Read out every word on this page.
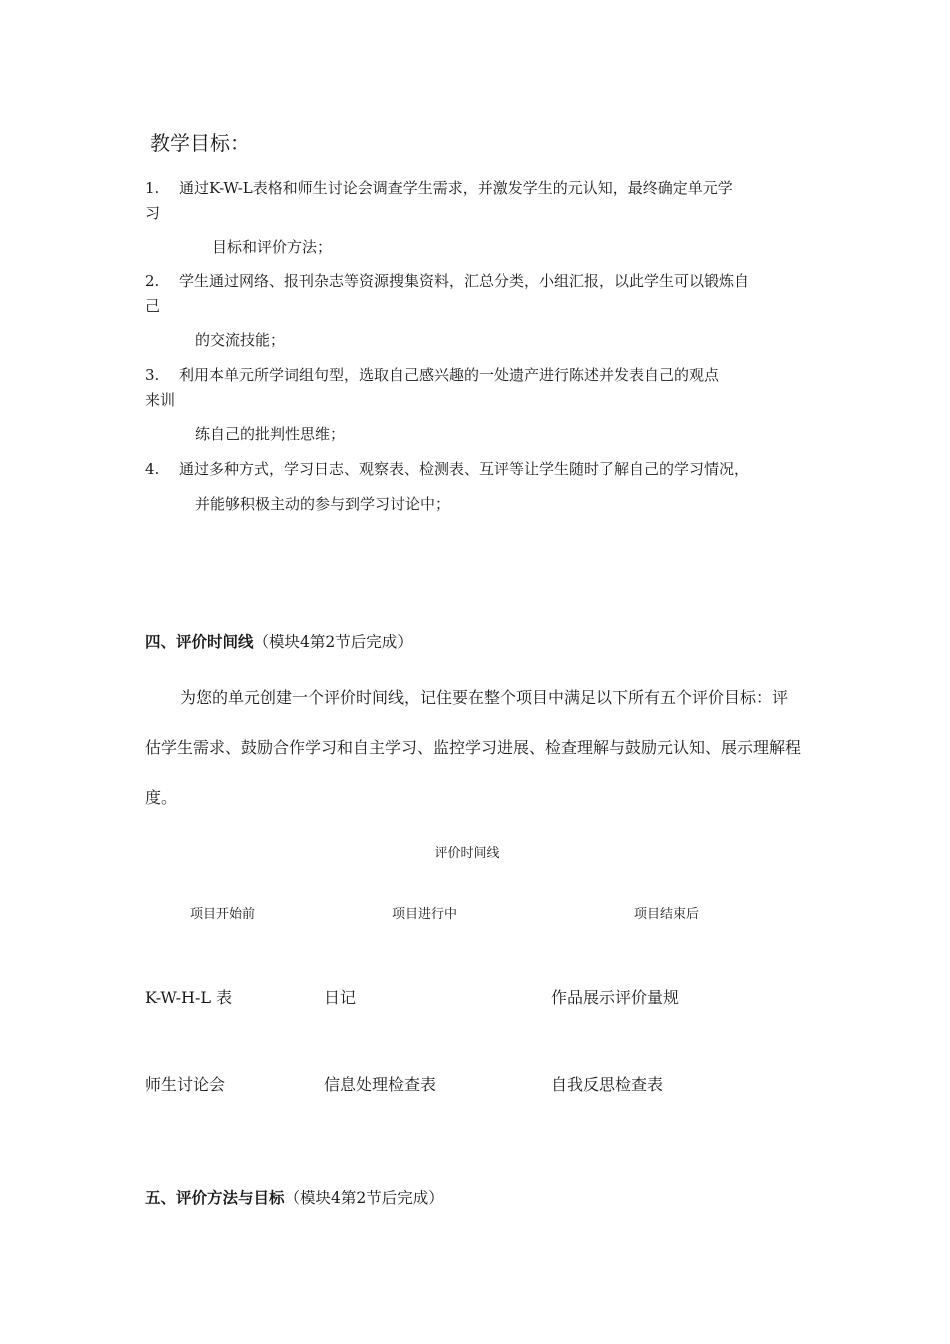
教学目标：
1. 通过K-W-L表格和师生讨论会调查学生需求，并激发学生的元认知，最终确定单元学
习
目标和评价方法；
2. 学生通过网络、报刊杂志等资源搜集资料，汇总分类，小组汇报，以此学生可以锻炼自
己
的交流技能；
3. 利用本单元所学词组句型，选取自己感兴趣的一处遗产进行陈述并发表自己的观点
来训
练自己的批判性思维；
4. 通过多种方式，学习日志、观察表、检测表、互评等让学生随时了解自己的学习情况，
并能够积极主动的参与到学习讨论中；
四、评价时间线（模块4第2节后完成）
为您的单元创建一个评价时间线，记住要在整个项目中满足以下所有五个评价目标：评
估学生需求、鼓励合作学习和自主学习、监控学习进展、检查理解与鼓励元认知、展示理解程
度。
评价时间线
项目开始前	项目进行中	项目结束后
K-W-H-L 表	日记	作品展示评价量规
师生讨论会	信息处理检查表	自我反思检查表
五、评价方法与目标（模块4第2节后完成）
